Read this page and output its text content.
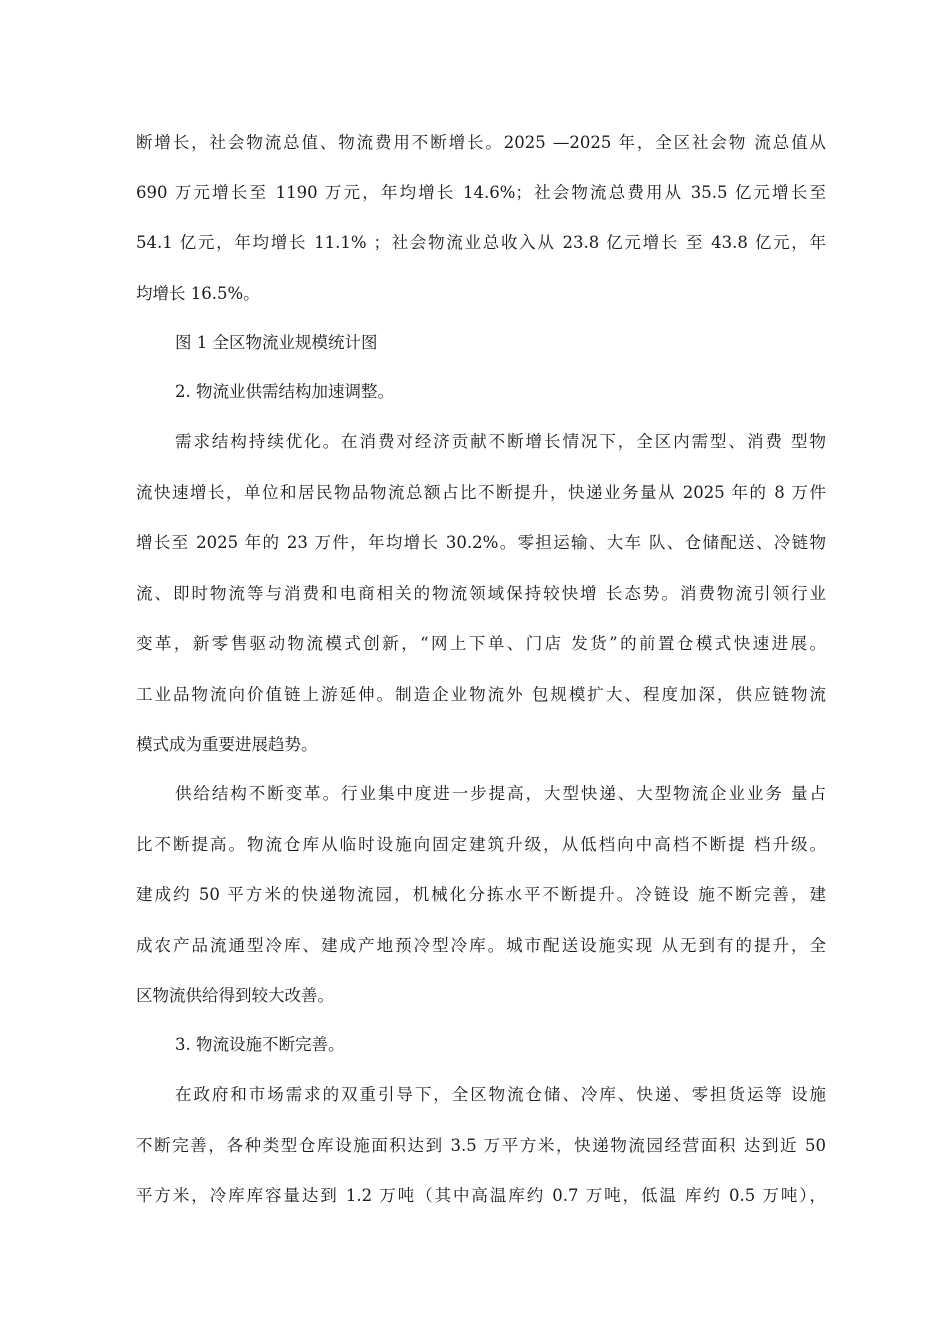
断增长，社会物流总值、物流费用不断增长。2025 —2025 年，全区社会物 流总值从
690 万元增长至 1190 万元，年均增长 14.6%；社会物流总费用从 35.5 亿元增长至
54.1 亿元，年均增长 11.1% ；社会物流业总收入从 23.8 亿元增长 至 43.8 亿元，年
均增长 16.5%。
图 1 全区物流业规模统计图
2. 物流业供需结构加速调整。
需求结构持续优化。在消费对经济贡献不断增长情况下，全区内需型、消费 型物
流快速增长，单位和居民物品物流总额占比不断提升，快递业务量从 2025 年的 8 万件
增长至 2025 年的 23 万件，年均增长 30.2%。零担运输、大车 队、仓储配送、冷链物
流、即时物流等与消费和电商相关的物流领域保持较快增 长态势。消费物流引领行业
变革，新零售驱动物流模式创新，“网上下单、门店 发货”的前置仓模式快速进展。
工业品物流向价值链上游延伸。制造企业物流外 包规模扩大、程度加深，供应链物流
模式成为重要进展趋势。
供给结构不断变革。行业集中度进一步提高，大型快递、大型物流企业业务 量占
比不断提高。物流仓库从临时设施向固定建筑升级，从低档向中高档不断提 档升级。
建成约 50 平方米的快递物流园，机械化分拣水平不断提升。冷链设 施不断完善，建
成农产品流通型冷库、建成产地预冷型冷库。城市配送设施实现 从无到有的提升，全
区物流供给得到较大改善。
3. 物流设施不断完善。
在政府和市场需求的双重引导下，全区物流仓储、冷库、快递、零担货运等 设施
不断完善，各种类型仓库设施面积达到 3.5 万平方米，快递物流园经营面积 达到近 50
平方米，冷库库容量达到 1.2 万吨（其中高温库约 0.7 万吨，低温 库约 0.5 万吨），
